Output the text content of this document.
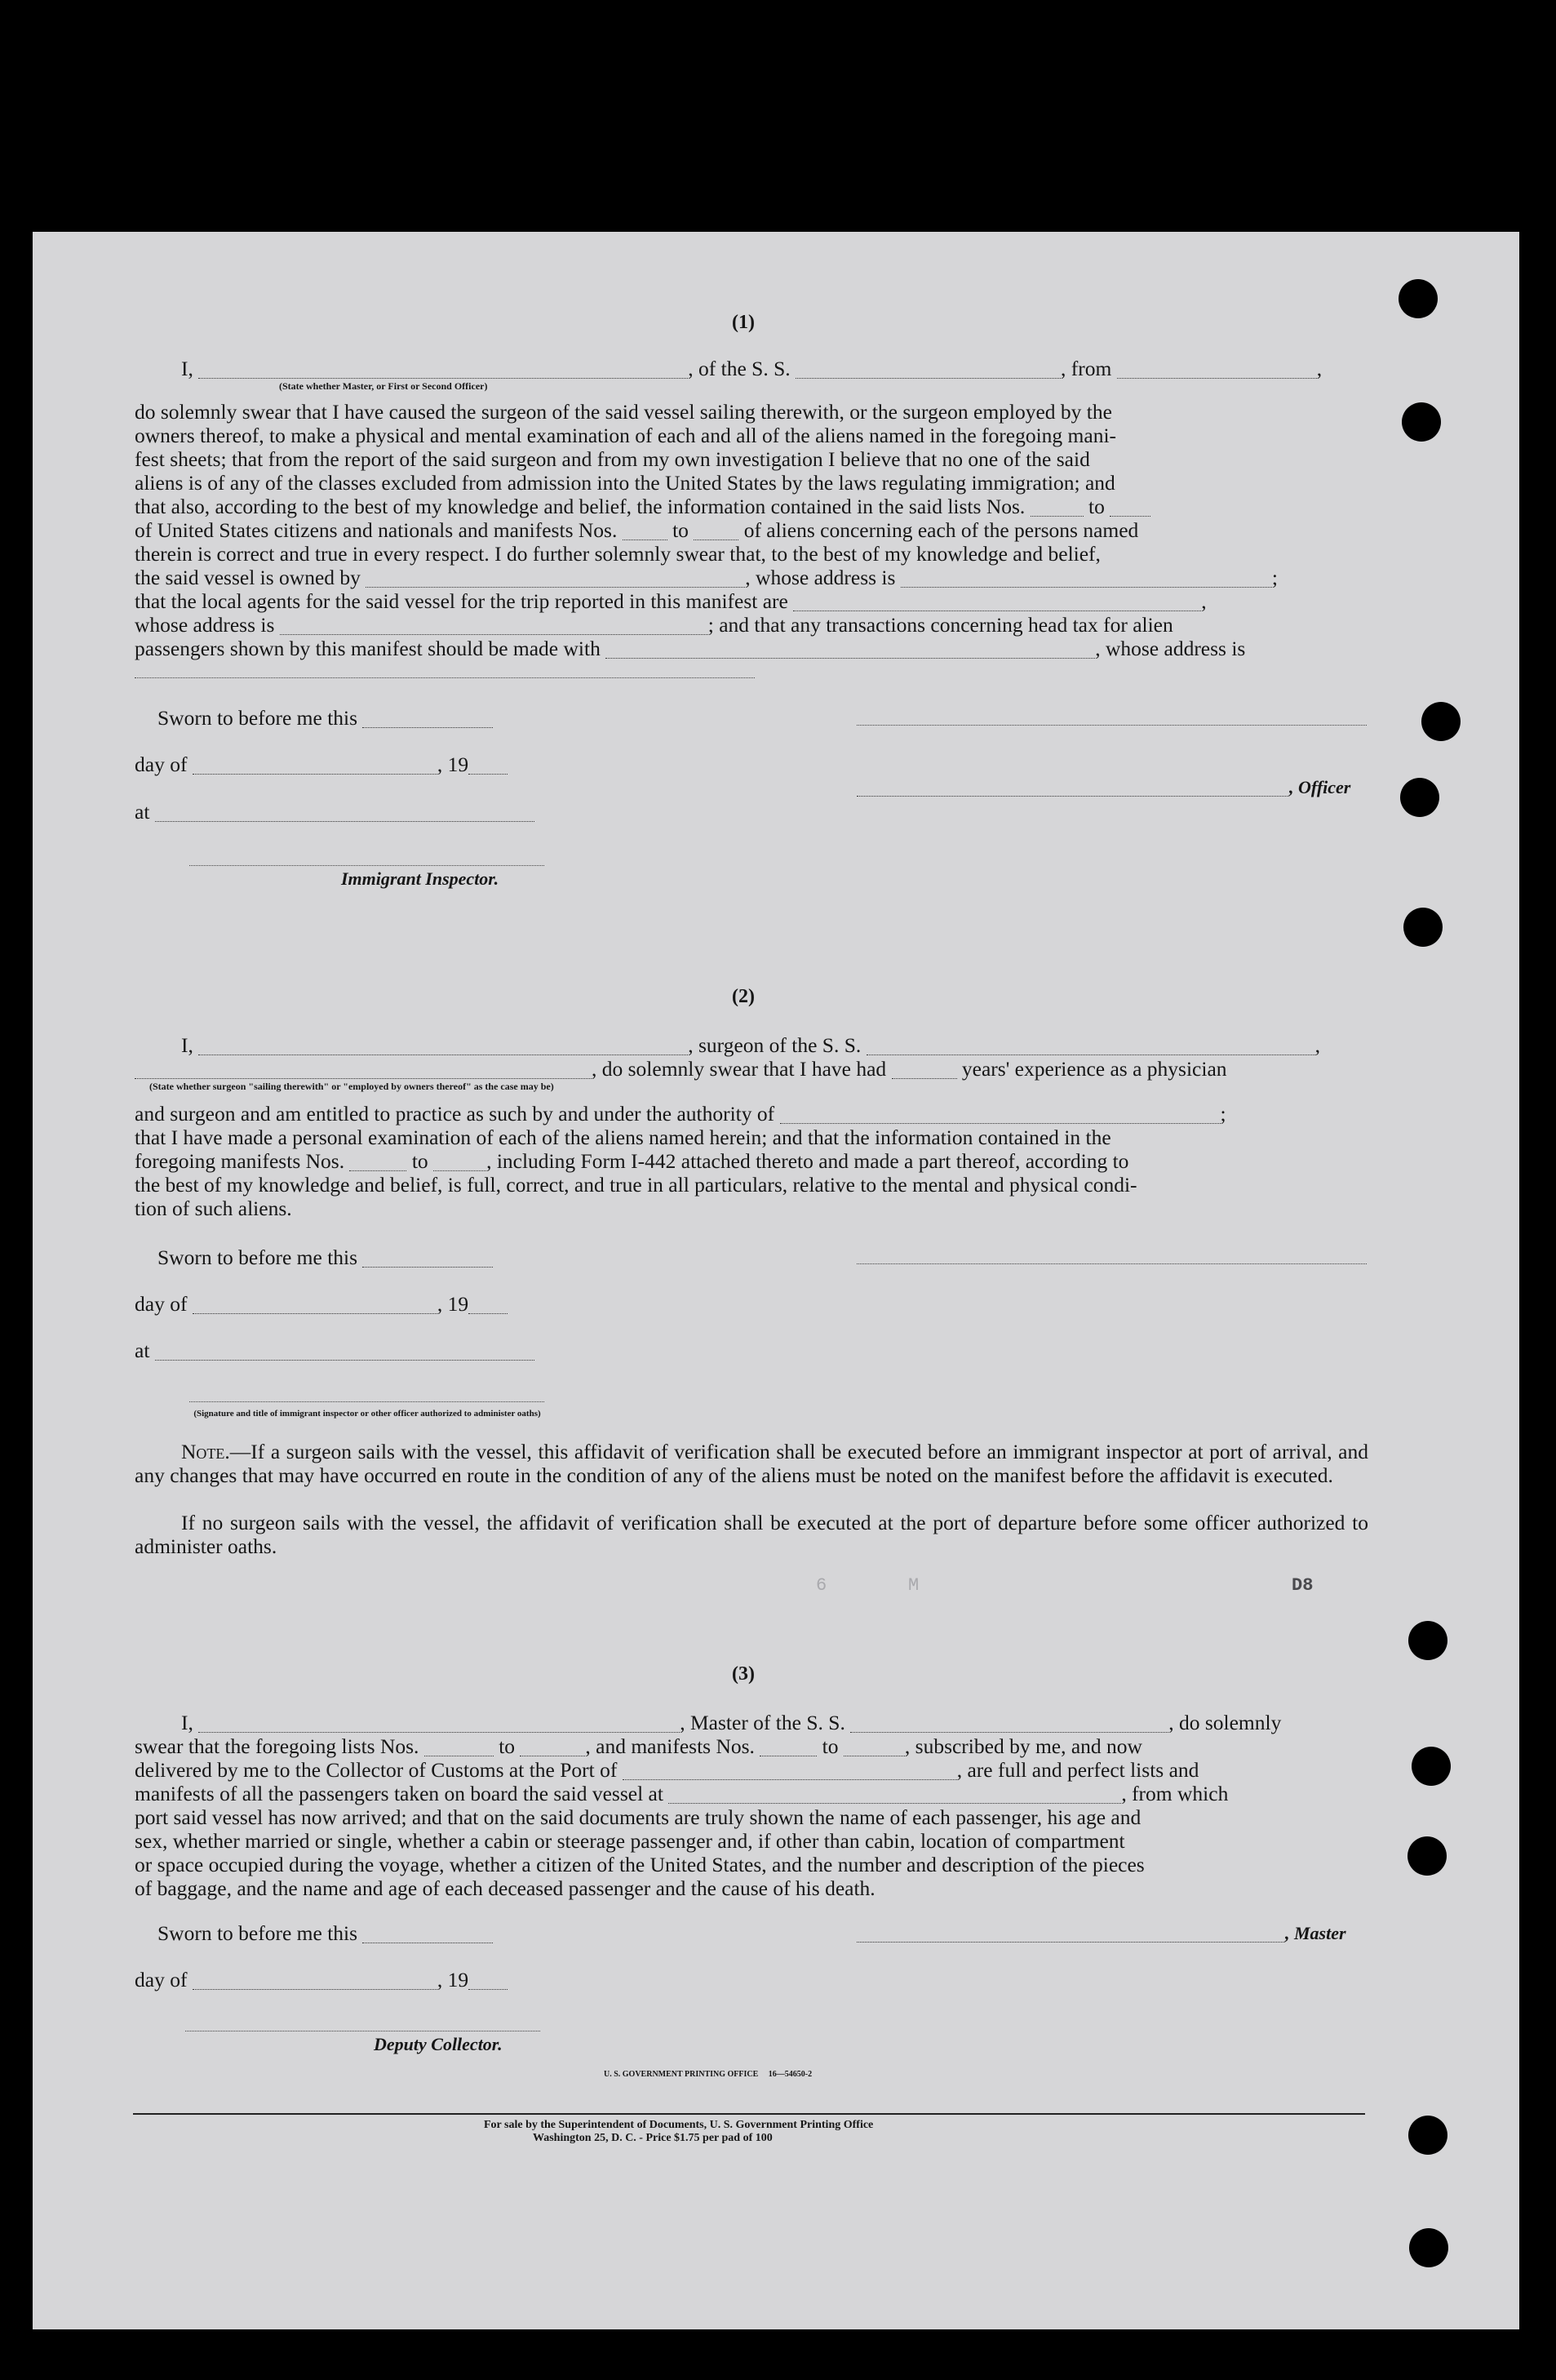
6	M	D8
(1)
I,	, of the S. S.	, from	,
(State whether Master, or First or Second Officer)
do solemnly swear that I have caused the surgeon of the said vessel sailing therewith, or the surgeon employed by the
owners thereof, to make a physical and mental examination of each and all of the aliens named in the foregoing mani-
fest sheets; that from the report of the said surgeon and from my own investigation I believe that no one of the said
aliens is of any of the classes excluded from admission into the United States by the laws regulating immigration; and
that also, according to the best of my knowledge and belief, the information contained in the said lists Nos.	to
of United States citizens and nationals and manifests Nos.	to	of aliens concerning each of the persons named
therein is correct and true in every respect. I do further solemnly swear that, to the best of my knowledge and belief,
the said vessel is owned by	, whose address is	;
that the local agents for the said vessel for the trip reported in this manifest are	,
whose address is	; and that any transactions concerning head tax for alien
passengers shown by this manifest should be made with	, whose address is
Sworn to before me this
day of	, 19
, Officer
at
Immigrant Inspector.
(2)
I,	, surgeon of the S. S.	,
, do solemnly swear that I have had	years' experience as a physician
(State whether surgeon "sailing therewith" or "employed by owners thereof" as the case may be)
and surgeon and am entitled to practice as such by and under the authority of	;
that I have made a personal examination of each of the aliens named herein; and that the information contained in the
foregoing manifests Nos.	to	, including Form I-442 attached thereto and made a part thereof, according to
the best of my knowledge and belief, is full, correct, and true in all particulars, relative to the mental and physical condi-
tion of such aliens.
Sworn to before me this
day of	, 19
at
(Signature and title of immigrant inspector or other officer authorized to administer oaths)
Note.—If a surgeon sails with the vessel, this affidavit of verification shall be executed before an immigrant inspector at port of arrival, and any changes that may have occurred en route in the condition of any of the aliens must be noted on the manifest before the affidavit is executed.
If no surgeon sails with the vessel, the affidavit of verification shall be executed at the port of departure before some officer authorized to administer oaths.
(3)
I,	, Master of the S. S.	, do solemnly
swear that the foregoing lists Nos.	to	, and manifests Nos.	to	, subscribed by me, and now
delivered by me to the Collector of Customs at the Port of	, are full and perfect lists and
manifests of all the passengers taken on board the said vessel at	, from which
port said vessel has now arrived; and that on the said documents are truly shown the name of each passenger, his age and
sex, whether married or single, whether a cabin or steerage passenger and, if other than cabin, location of compartment
or space occupied during the voyage, whether a citizen of the United States, and the number and description of the pieces
of baggage, and the name and age of each deceased passenger and the cause of his death.
Sworn to before me this	, Master
day of	, 19
Deputy Collector.
U. S. GOVERNMENT PRINTING OFFICE     16—54650-2
For sale by the Superintendent of Documents, U. S. Government Printing Office
Washington 25, D. C. - Price $1.75 per pad of 100
